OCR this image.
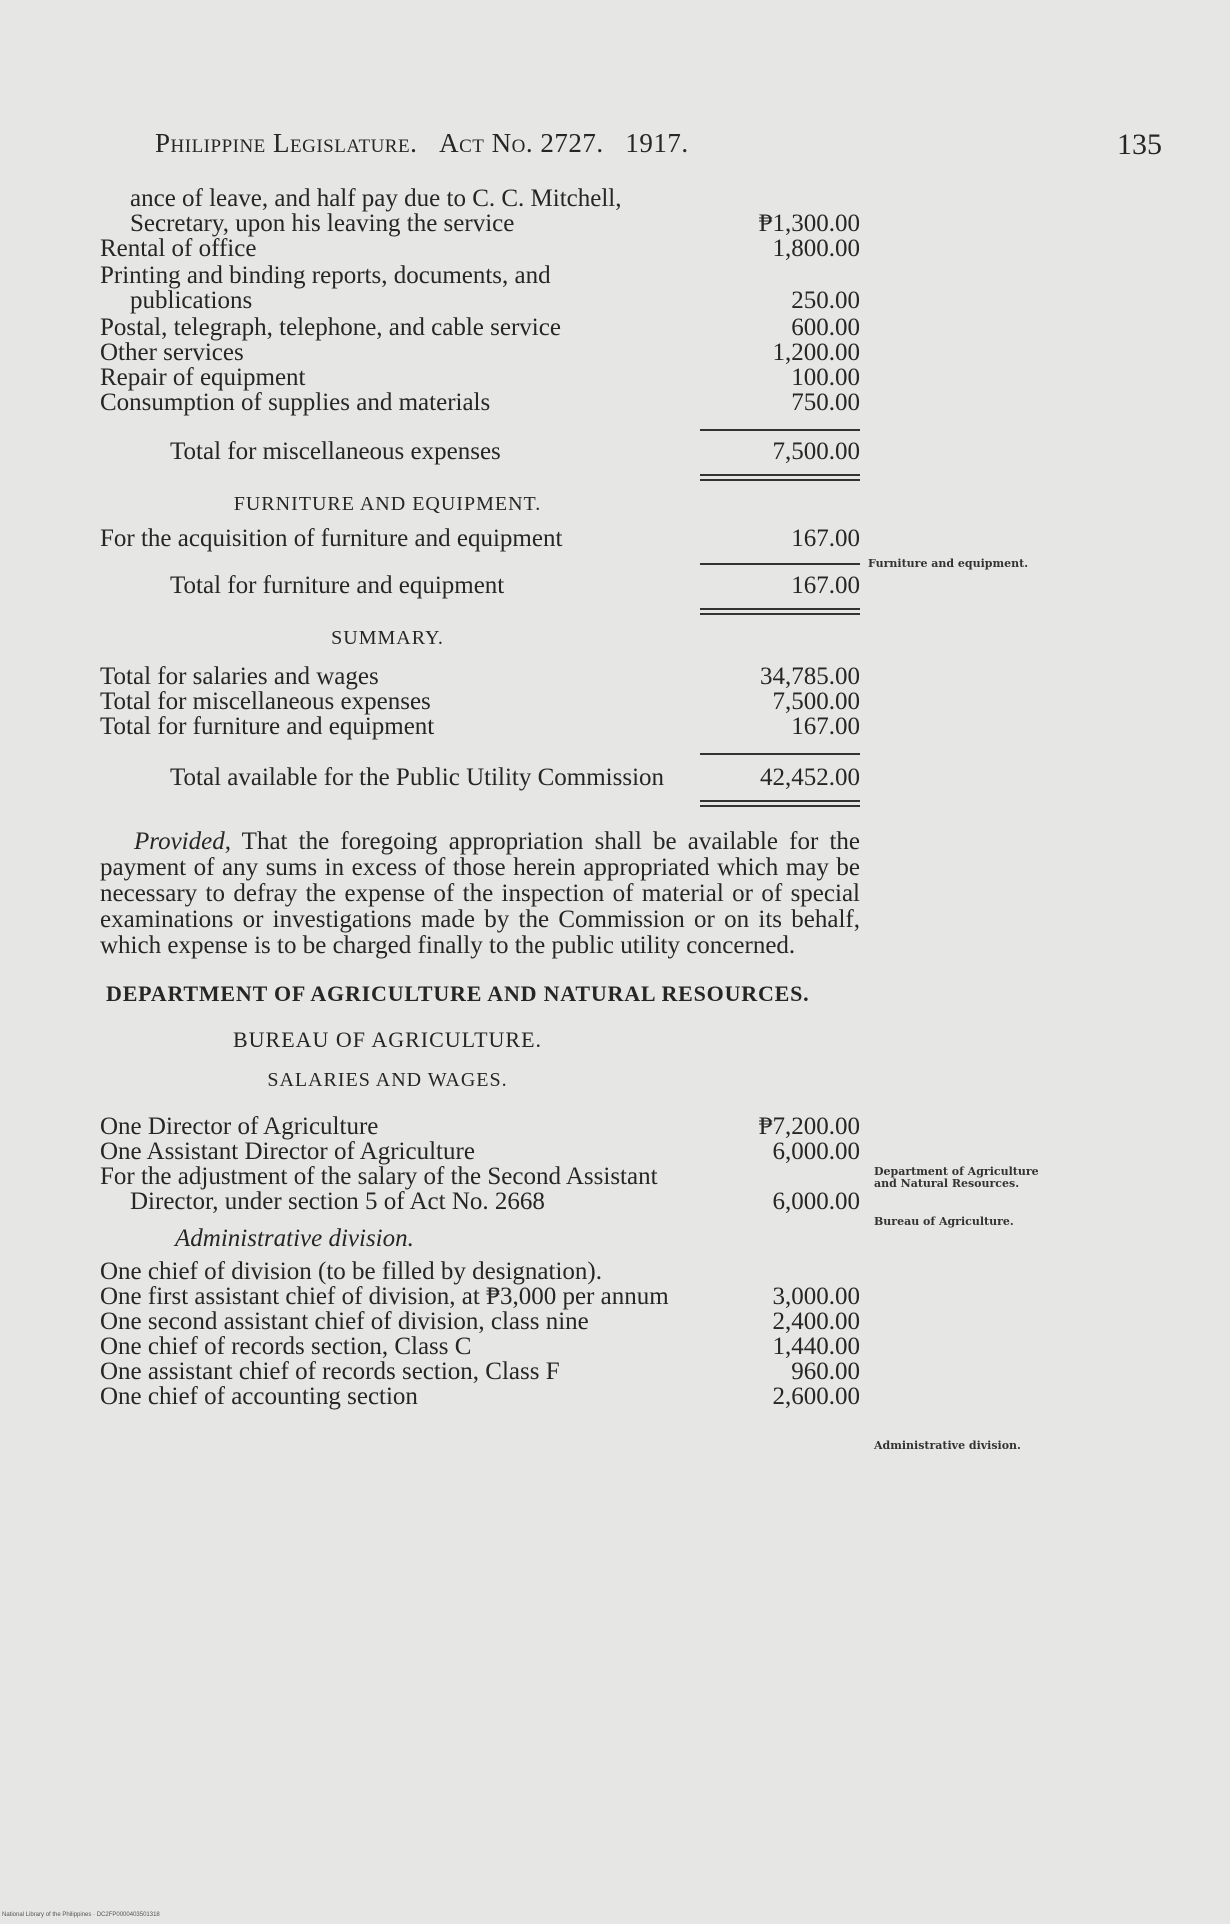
Philippine Legislature. Act No. 2727. 1917.	135
ance of leave, and half pay due to C. C. Mitchell, Secretary, upon his leaving the service	₱1,300.00
Rental of office	1,800.00
Printing and binding reports, documents, and publications	250.00
Postal, telegraph, telephone, and cable service	600.00
Other services	1,200.00
Repair of equipment	100.00
Consumption of supplies and materials	750.00
Total for miscellaneous expenses	7,500.00
FURNITURE AND EQUIPMENT.
For the acquisition of furniture and equipment	167.00
Total for furniture and equipment	167.00
SUMMARY.
Total for salaries and wages	34,785.00
Total for miscellaneous expenses	7,500.00
Total for furniture and equipment	167.00
Total available for the Public Utility Commission	42,452.00
Provided, That the foregoing appropriation shall be available for the payment of any sums in excess of those herein appropriated which may be necessary to defray the expense of the inspection of material or of special examinations or investigations made by the Commission or on its behalf, which expense is to be charged finally to the public utility concerned.
DEPARTMENT OF AGRICULTURE AND NATURAL RESOURCES.
BUREAU OF AGRICULTURE.
SALARIES AND WAGES.
One Director of Agriculture	₱7,200.00
One Assistant Director of Agriculture	6,000.00
For the adjustment of the salary of the Second Assistant Director, under section 5 of Act No. 2668	6,000.00
Administrative division.
One chief of division (to be filled by designation).
One first assistant chief of division, at ₱3,000 per annum	3,000.00
One second assistant chief of division, class nine	2,400.00
One chief of records section, Class C	1,440.00
One assistant chief of records section, Class F	960.00
One chief of accounting section	2,600.00
Furniture and equipment.
Department of Agriculture and Natural Resources.
Bureau of Agriculture.
Administrative division.
National Library of the Philippines · DC2FP0000403501318
